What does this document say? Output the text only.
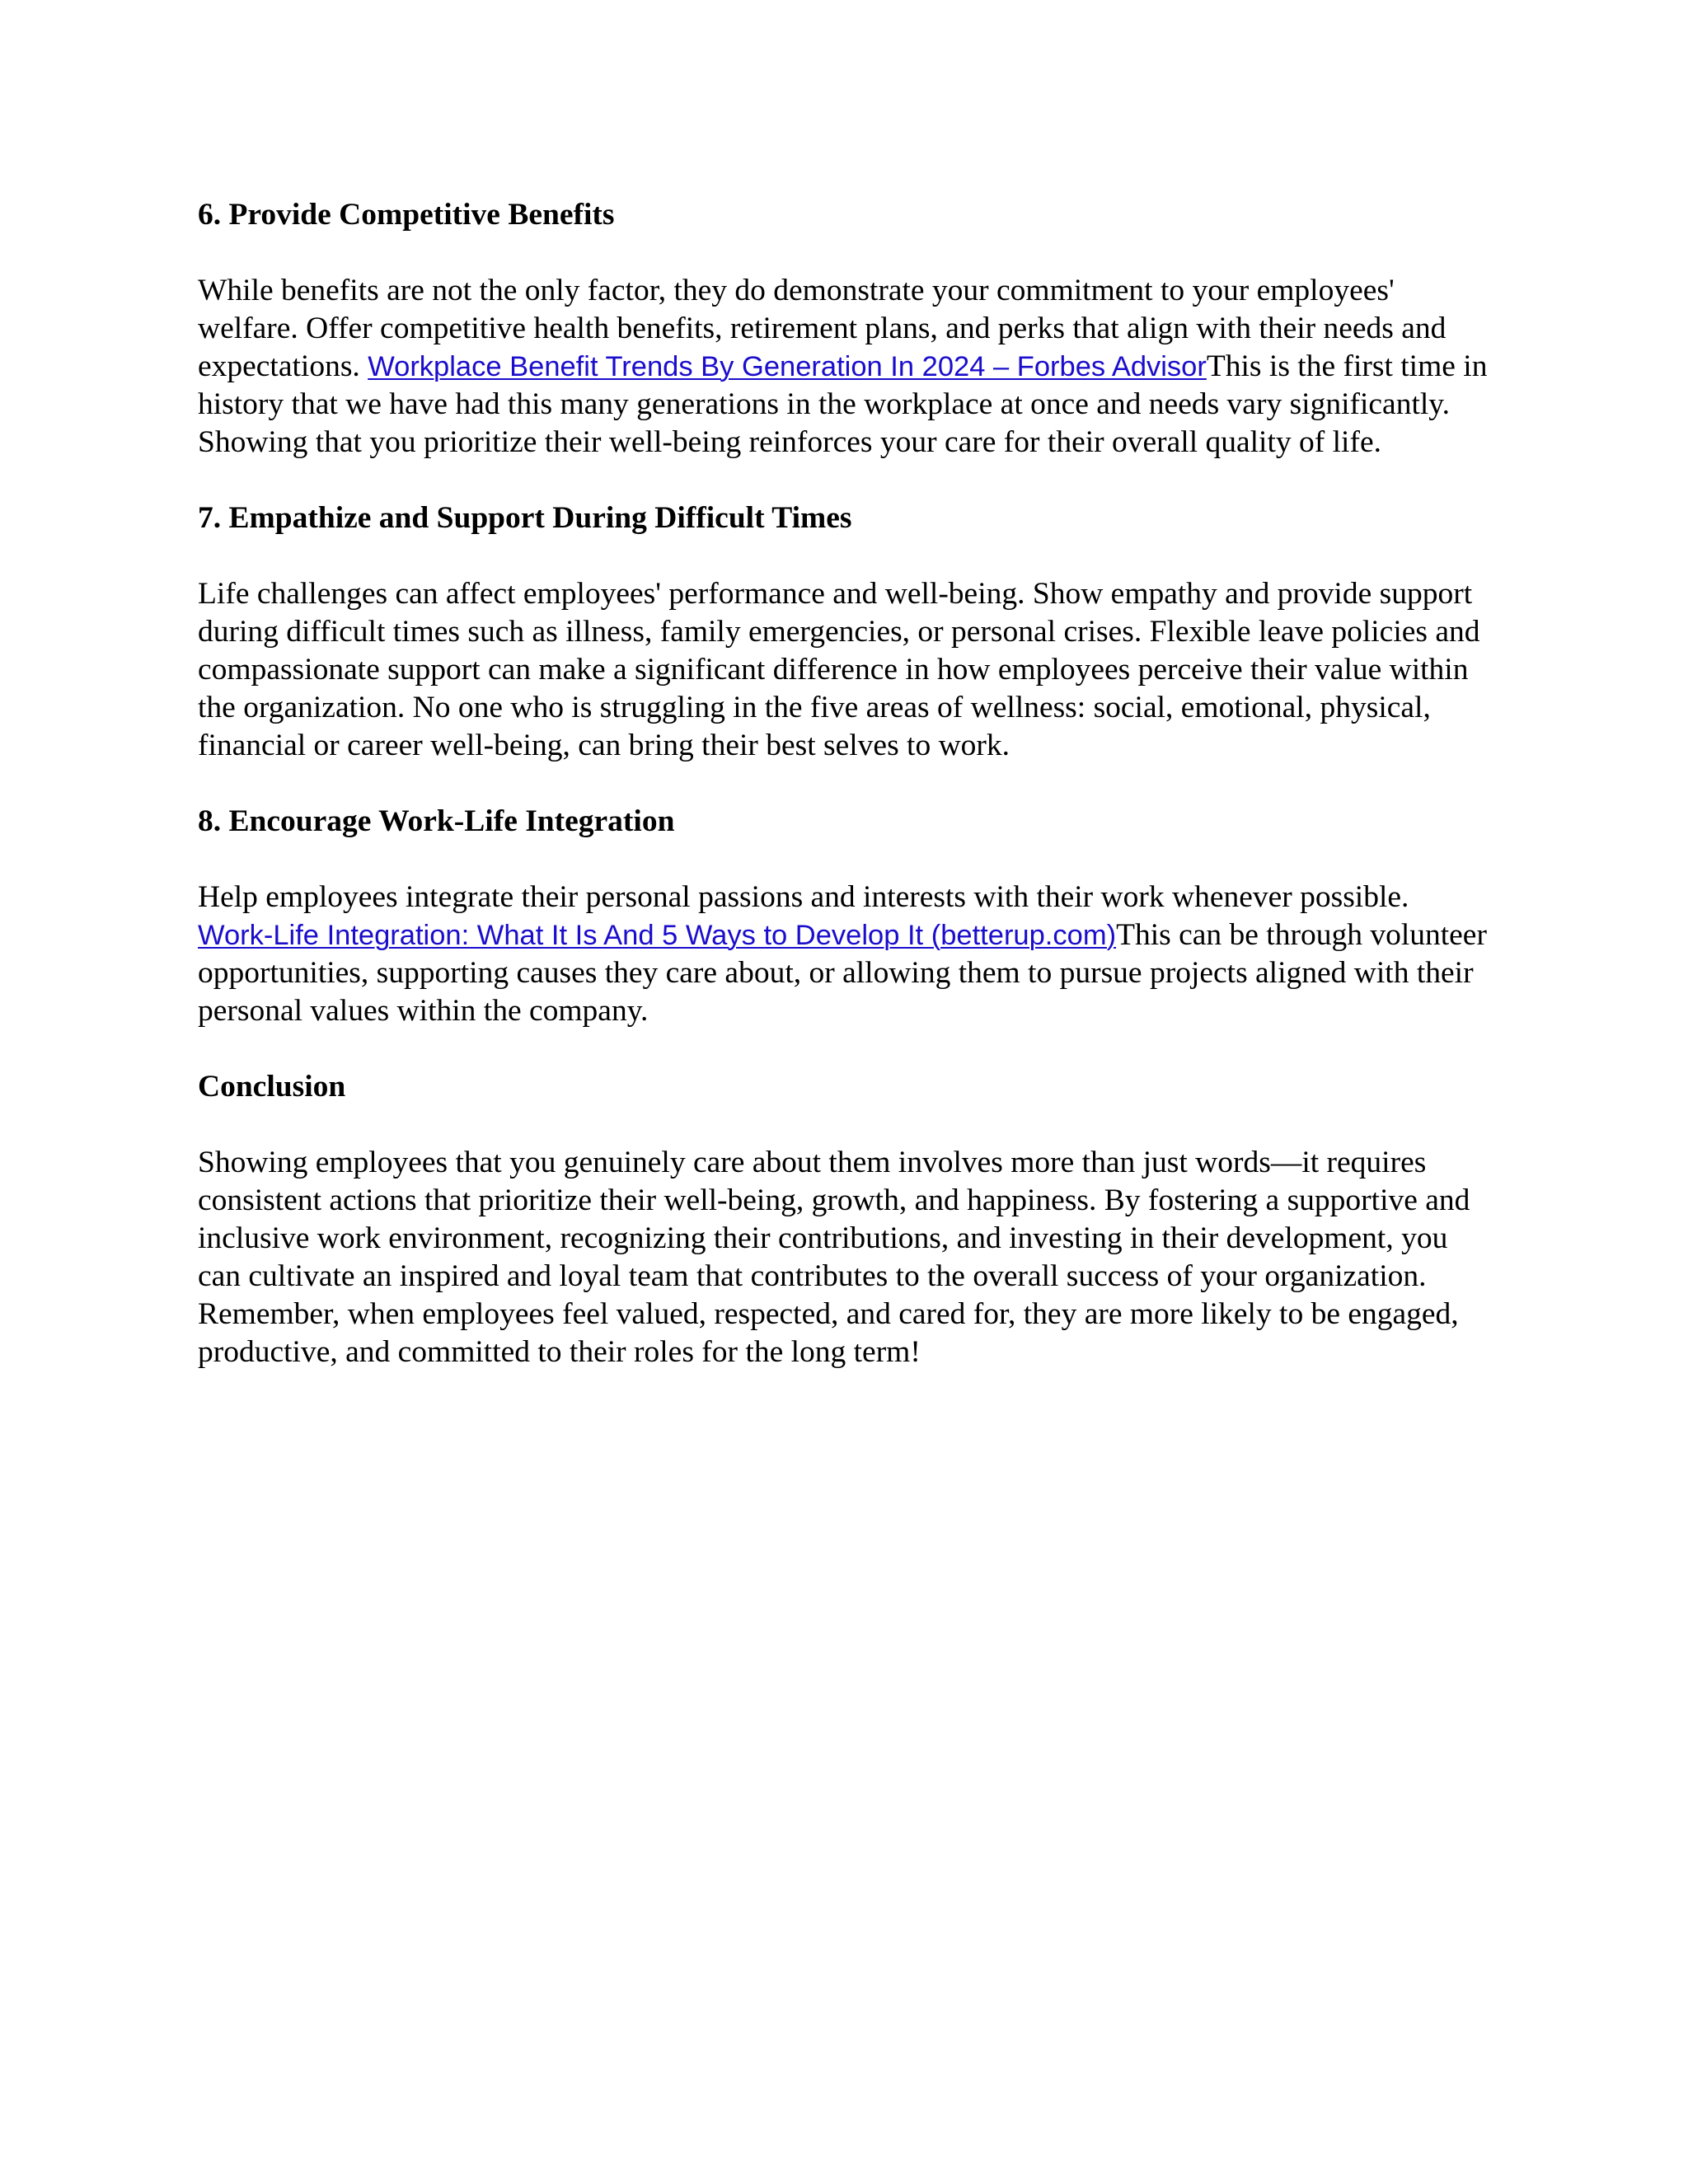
6. Provide Competitive Benefits

While benefits are not the only factor, they do demonstrate your commitment to your employees' welfare. Offer competitive health benefits, retirement plans, and perks that align with their needs and expectations. Workplace Benefit Trends By Generation In 2024 – Forbes AdvisorThis is the first time in history that we have had this many generations in the workplace at once and needs vary significantly. Showing that you prioritize their well-being reinforces your care for their overall quality of life.

7. Empathize and Support During Difficult Times

Life challenges can affect employees' performance and well-being. Show empathy and provide support during difficult times such as illness, family emergencies, or personal crises. Flexible leave policies and compassionate support can make a significant difference in how employees perceive their value within the organization. No one who is struggling in the five areas of wellness: social, emotional, physical, financial or career well-being, can bring their best selves to work.

8. Encourage Work-Life Integration

Help employees integrate their personal passions and interests with their work whenever possible. Work-Life Integration: What It Is And 5 Ways to Develop It (betterup.com)This can be through volunteer opportunities, supporting causes they care about, or allowing them to pursue projects aligned with their personal values within the company.

Conclusion

Showing employees that you genuinely care about them involves more than just words—it requires consistent actions that prioritize their well-being, growth, and happiness. By fostering a supportive and inclusive work environment, recognizing their contributions, and investing in their development, you can cultivate an inspired and loyal team that contributes to the overall success of your organization. Remember, when employees feel valued, respected, and cared for, they are more likely to be engaged, productive, and committed to their roles for the long term!
